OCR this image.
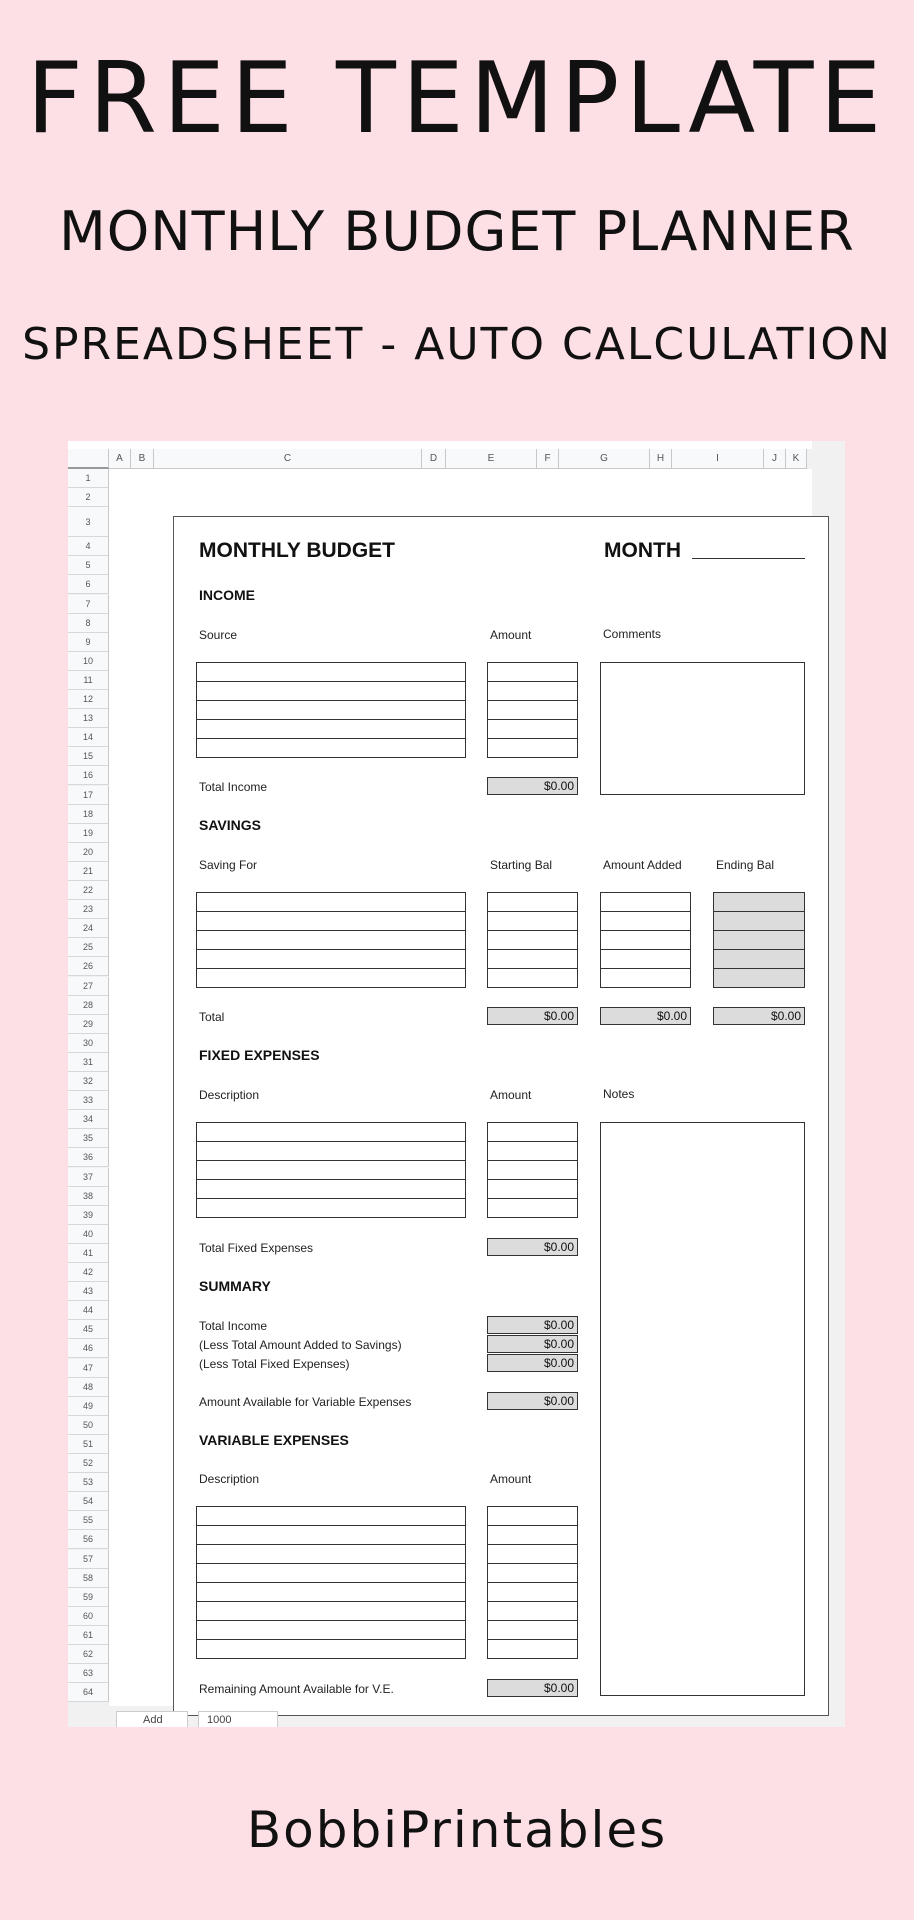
FREE TEMPLATE
MONTHLY BUDGET PLANNER
SPREADSHEET - AUTO CALCULATION
A	B	C	D	E	F	G	H	I	J	K
1
2
3
4
5
6
7
8
9
10
11
12
13
14
15
16
17
18
19
20
21
22
23
24
25
26
27
28
29
30
31
32
33
34
35
36
37
38
39
40
41
42
43
44
45
46
47
48
49
50
51
52
53
54
55
56
57
58
59
60
61
62
63
64
MONTHLY BUDGET	MONTH
INCOME
Source	Amount	Comments
Total Income	$0.00
SAVINGS
Saving For	Starting Bal	Amount Added	Ending Bal
Total	$0.00	$0.00	$0.00
FIXED EXPENSES
Description	Amount	Notes
Total Fixed Expenses	$0.00
SUMMARY
Total Income	$0.00
(Less Total Amount Added to Savings)	$0.00
(Less Total Fixed Expenses)	$0.00
Amount Available for Variable Expenses	$0.00
VARIABLE EXPENSES
Description	Amount
Remaining Amount Available for V.E.	$0.00
Add	1000
BobbiPrintables
